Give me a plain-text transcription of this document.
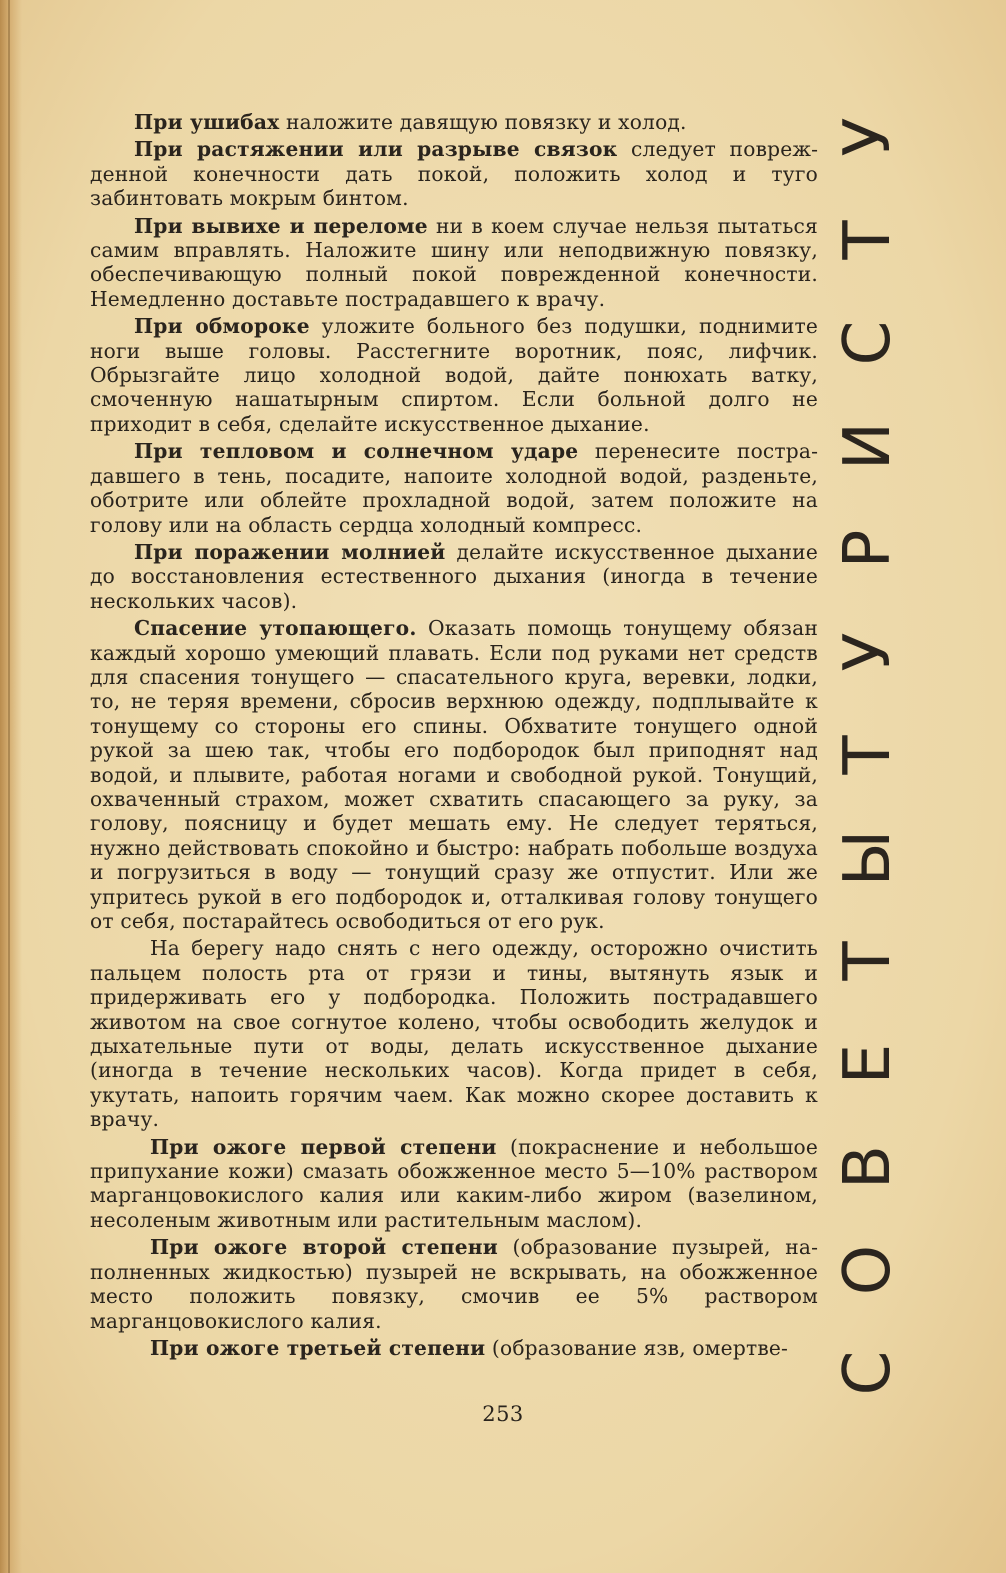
При ушибах наложите давящую повязку и холод.

При растяжении или разрыве связок следует поврежденной конечности дать покой, положить холод и туго забинтовать мокрым бинтом.

При вывихе и переломе ни в коем случае нельзя пытаться самим вправлять. Наложите шину или неподвижную повязку, обеспечивающую полный покой поврежденной конечности. Немедленно доставьте пострадавшего к врачу.

При обмороке уложите больного без подушки, поднимите ноги выше головы. Расстегните воротник, пояс, лифчик. Обрызгайте лицо холодной водой, дайте понюхать ватку, смоченную нашатырным спиртом. Если больной долго не приходит в себя, сделайте искусственное дыхание.

При тепловом и солнечном ударе перенесите пострадавшего в тень, посадите, напоите холодной водой, разденьте, оботрите или облейте прохладной водой, затем положите на голову или на область сердца холодный компресс.

При поражении молнией делайте искусственное дыхание до восстановления естественного дыхания (иногда в течение нескольких часов).

Спасение утопающего. Оказать помощь тонущему обязан каждый хорошо умеющий плавать. Если под руками нет средств для спасения тонущего — спасательного круга, веревки, лодки, то, не теряя времени, сбросив верхнюю одежду, подплывайте к тонущему со стороны его спины. Обхватите тонущего одной рукой за шею так, чтобы его подбородок был приподнят над водой, и плывите, работая ногами и свободной рукой. Тонущий, охваченный страхом, может схватить спасающего за руку, за голову, поясницу и будет мешать ему. Не следует теряться, нужно действовать спокойно и быстро: набрать побольше воздуха и погрузиться в воду — тонущий сразу же отпустит. Или же упритесь рукой в его подбородок и, отталкивая голову тонущего от себя, постарайтесь освободиться от его рук.

На берегу надо снять с него одежду, осторожно очистить пальцем полость рта от грязи и тины, вытянуть язык и придерживать его у подбородка. Положить пострадавшего животом на свое согнутое колено, чтобы освободить желудок и дыхательные пути от воды, делать искусственное дыхание (иногда в течение нескольких часов). Когда придет в себя, укутать, напоить горячим чаем. Как можно скорее доставить к врачу.

При ожоге первой степени (покраснение и небольшое припухание кожи) смазать обожженное место 5—10% раствором марганцовокислого калия или каким-либо жиром (вазелином, несоленым животным или растительным маслом).

При ожоге второй степени (образование пузырей, наполненных жидкостью) пузырей не вскрывать, на обожженное место положить повязку, смочив ее 5% раствором марганцовокислого калия.

При ожоге третьей степени (образование язв, омертве-

У
Т
С
И
Р
У
Т
Ы
Т
Е
В
О
С
253
